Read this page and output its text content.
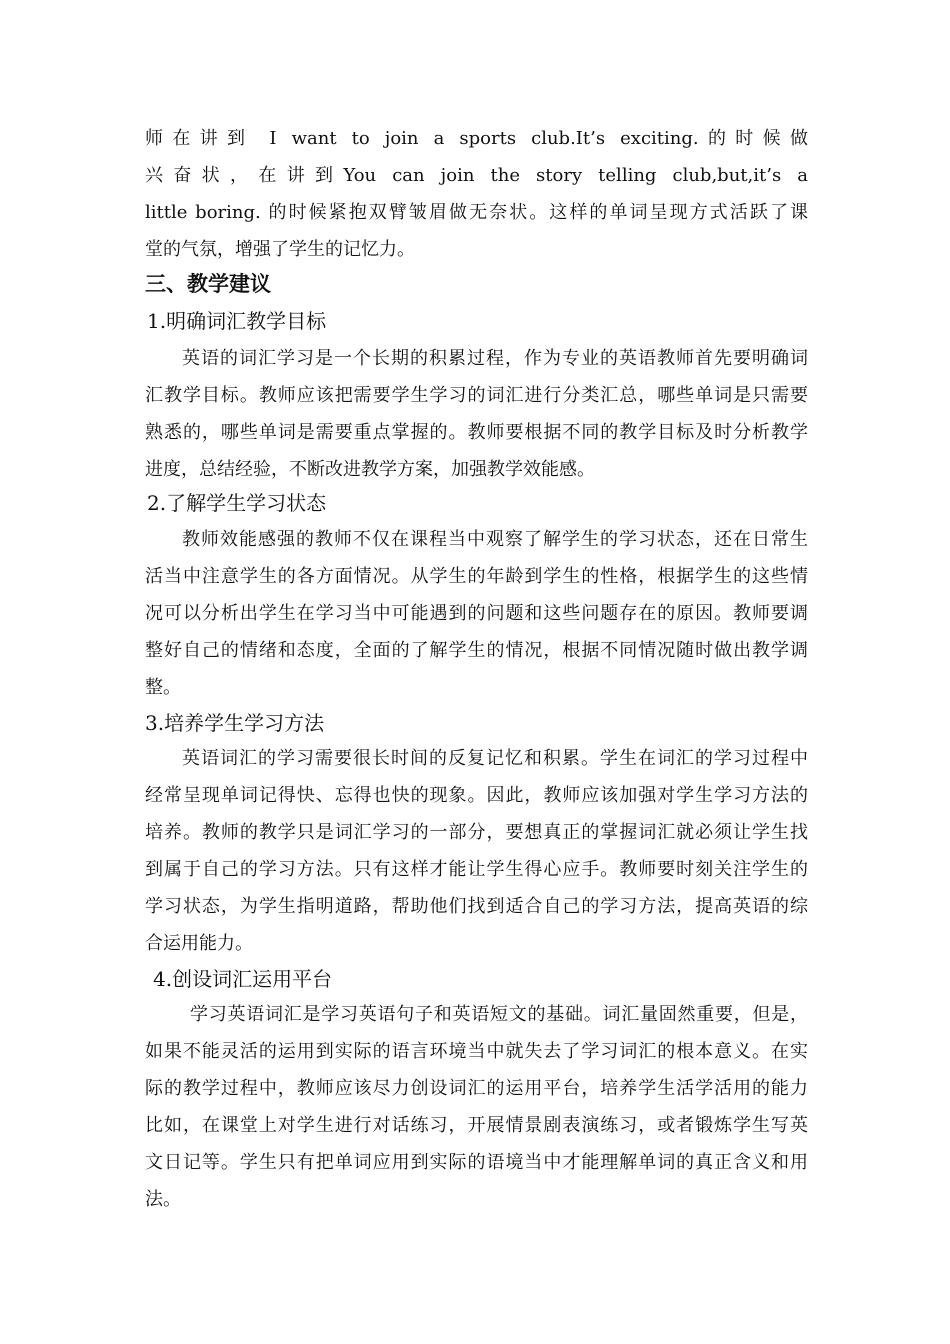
师在讲到 I want to join a sports club.It’s exciting.的时候做
兴奋状，在讲到You can join the story telling club,but,it’s a
little boring. 的时候紧抱双臂皱眉做无奈状。这样的单词呈现方式活跃了课
堂的气氛，增强了学生的记忆力。
三、教学建议
1.明确词汇教学目标
英语的词汇学习是一个长期的积累过程，作为专业的英语教师首先要明确词
汇教学目标。教师应该把需要学生学习的词汇进行分类汇总，哪些单词是只需要
熟悉的，哪些单词是需要重点掌握的。教师要根据不同的教学目标及时分析教学
进度，总结经验，不断改进教学方案，加强教学效能感。
2.了解学生学习状态
教师效能感强的教师不仅在课程当中观察了解学生的学习状态，还在日常生
活当中注意学生的各方面情况。从学生的年龄到学生的性格，根据学生的这些情
况可以分析出学生在学习当中可能遇到的问题和这些问题存在的原因。教师要调
整好自己的情绪和态度，全面的了解学生的情况，根据不同情况随时做出教学调
整。
3.培养学生学习方法
英语词汇的学习需要很长时间的反复记忆和积累。学生在词汇的学习过程中
经常呈现单词记得快、忘得也快的现象。因此，教师应该加强对学生学习方法的
培养。教师的教学只是词汇学习的一部分，要想真正的掌握词汇就必须让学生找
到属于自己的学习方法。只有这样才能让学生得心应手。教师要时刻关注学生的
学习状态，为学生指明道路，帮助他们找到适合自己的学习方法，提高英语的综
合运用能力。
4.创设词汇运用平台
学习英语词汇是学习英语句子和英语短文的基础。词汇量固然重要，但是，
如果不能灵活的运用到实际的语言环境当中就失去了学习词汇的根本意义。在实
际的教学过程中，教师应该尽力创设词汇的运用平台，培养学生活学活用的能力
比如，在课堂上对学生进行对话练习，开展情景剧表演练习，或者锻炼学生写英
文日记等。学生只有把单词应用到实际的语境当中才能理解单词的真正含义和用
法。
